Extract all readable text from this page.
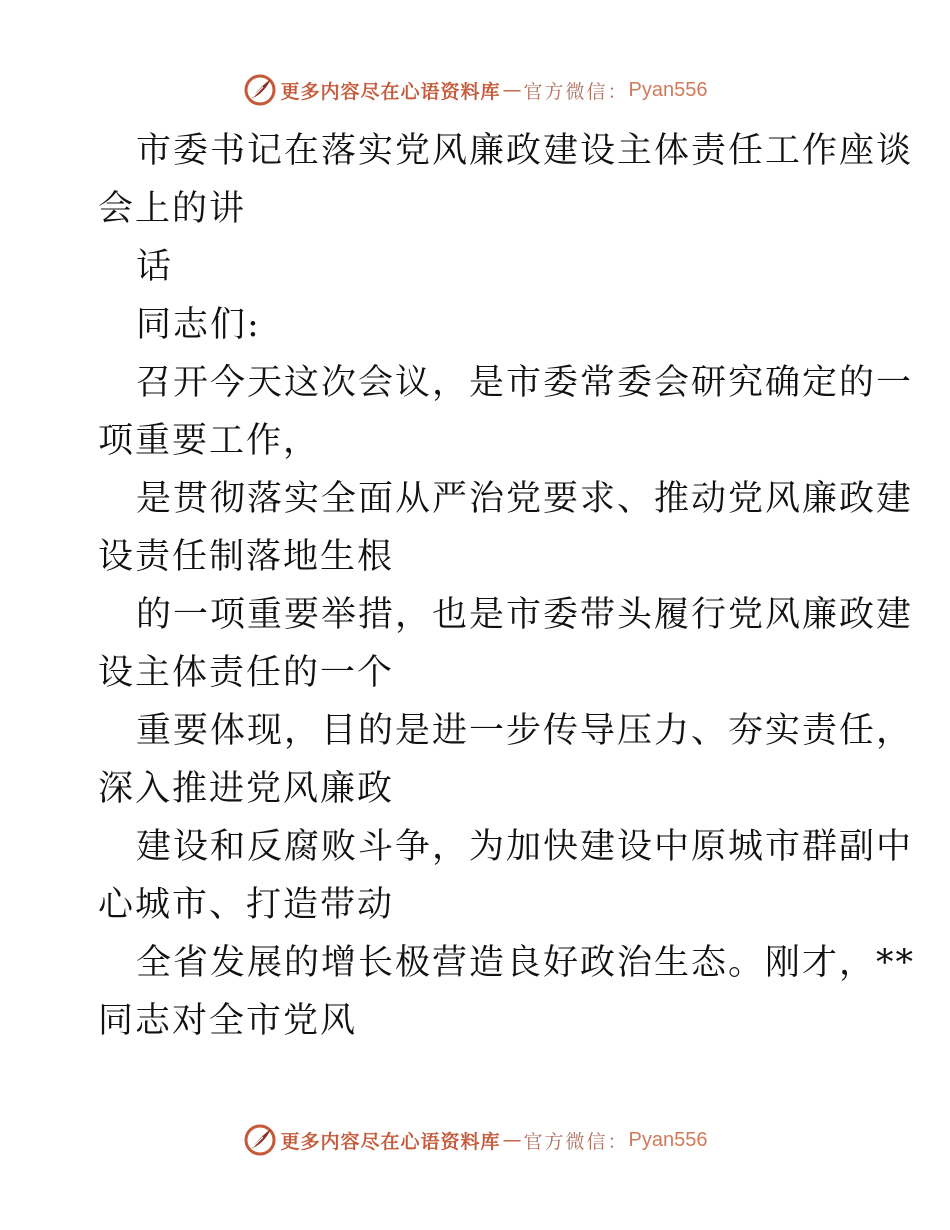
更多内容尽在心语资料库 — 官方微信： Pyan556
市委书记在落实党风廉政建设主体责任工作座谈
会上的讲
话
同志们:
召开今天这次会议，是市委常委会研究确定的一
项重要工作，
是贯彻落实全面从严治党要求、推动党风廉政建
设责任制落地生根
的一项重要举措，也是市委带头履行党风廉政建
设主体责任的一个
重要体现，目的是进一步传导压力、夯实责任，
深入推进党风廉政
建设和反腐败斗争，为加快建设中原城市群副中
心城市、打造带动
全省发展的增长极营造良好政治生态。刚才，**
同志对全市党风
更多内容尽在心语资料库 — 官方微信： Pyan556
